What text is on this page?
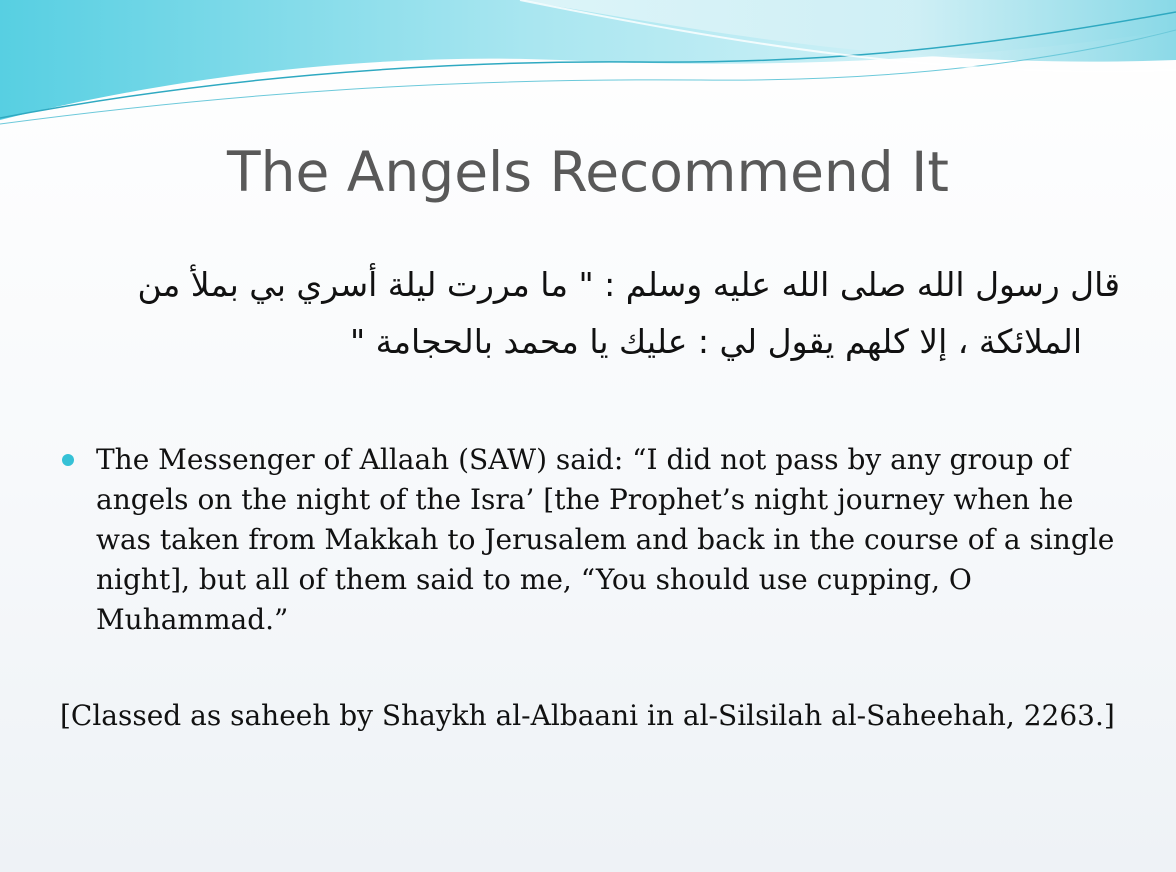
The Angels Recommend It
قال رسول الله صلى الله عليه وسلم : " ما مررت ليلة أسري بي بملأ من
الملائكة ، إلا كلهم يقول لي : عليك يا محمد بالحجامة "
The Messenger of Allaah (SAW) said: “I did not pass by any group of
angels on the night of the Isra’ [the Prophet’s night journey when he
was taken from Makkah to Jerusalem and back in the course of a single
night], but all of them said to me, “You should use cupping, O
Muhammad.”
[Classed as saheeh by Shaykh al-Albaani in al-Silsilah al-Saheehah, 2263.]
